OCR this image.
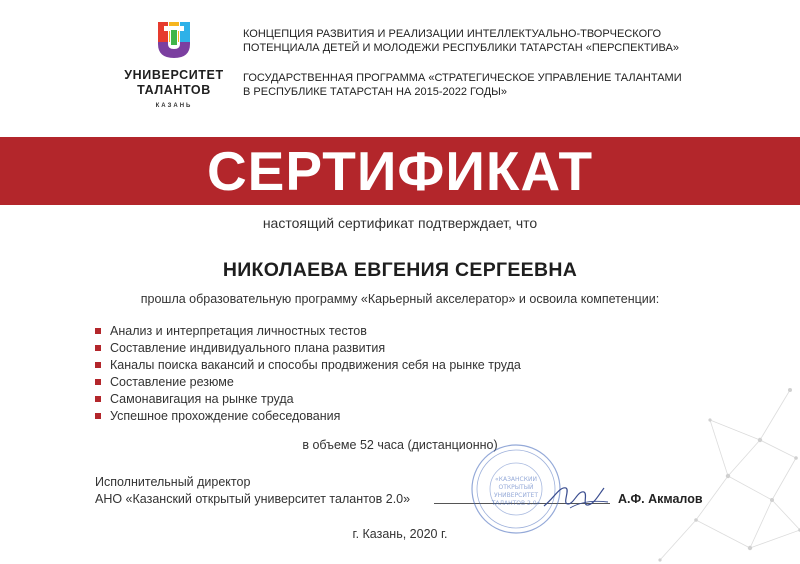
УНИВЕРСИТЕТ
ТАЛАНТОВ
КАЗАНЬ
КОНЦЕПЦИЯ РАЗВИТИЯ И РЕАЛИЗАЦИИ ИНТЕЛЛЕКТУАЛЬНО-ТВОРЧЕСКОГО
ПОТЕНЦИАЛА ДЕТЕЙ И МОЛОДЕЖИ РЕСПУБЛИКИ ТАТАРСТАН «ПЕРСПЕКТИВА»
ГОСУДАРСТВЕННАЯ ПРОГРАММА «СТРАТЕГИЧЕСКОЕ УПРАВЛЕНИЕ ТАЛАНТАМИ
В РЕСПУБЛИКЕ ТАТАРСТАН НА 2015-2022 ГОДЫ»
СЕРТИФИКАТ
настоящий сертификат подтверждает, что
НИКОЛАЕВА ЕВГЕНИЯ СЕРГЕЕВНА
прошла образовательную программу «Карьерный акселератор» и освоила компетенции:
Анализ и интерпретация личностных тестов
Составление индивидуального плана развития
Каналы поиска вакансий и способы продвижения себя на рынке труда
Составление резюме
Самонавигация на рынке труда
Успешное прохождение собеседования
в объеме 52 часа (дистанционно)
Исполнительный директор
АНО «Казанский открытый университет талантов 2.0»
«КАЗАНСКИЙ
ОТКРЫТЫЙ
УНИВЕРСИТЕТ
ТАЛАНТОВ 2.0»	А.Ф. Акмалов
г. Казань, 2020 г.
